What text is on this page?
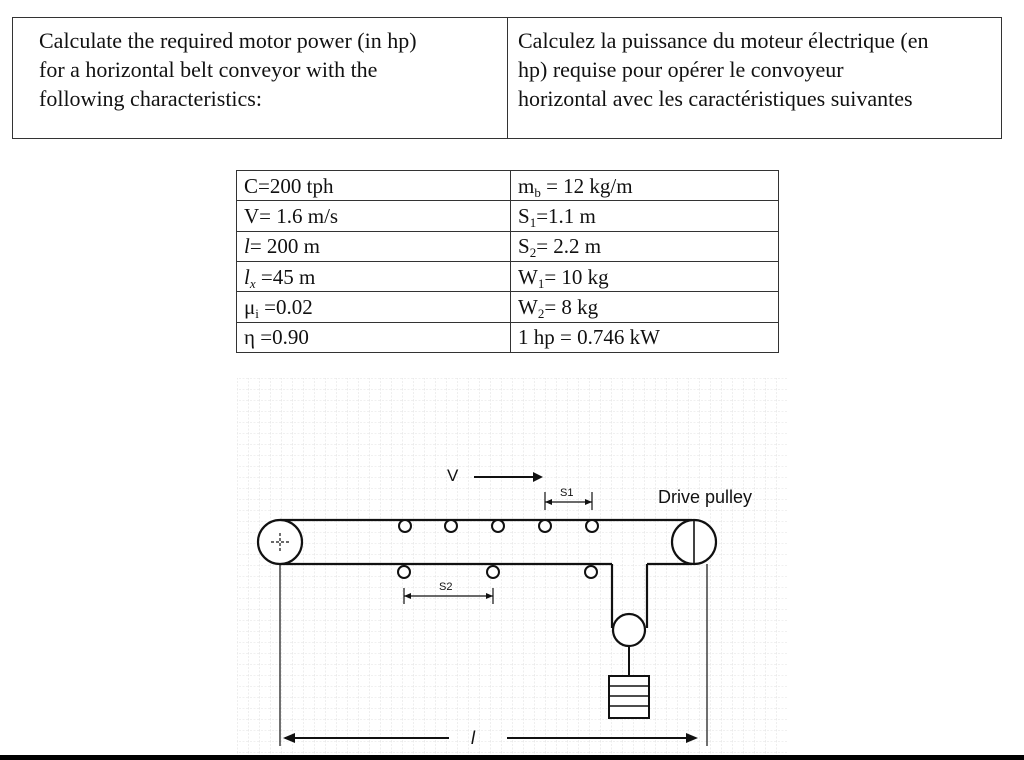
Calculate the required motor power (in hp)
for a horizontal belt conveyor with the
following characteristics:
Calculez la puissance du moteur électrique (en
hp) requise pour opérer le convoyeur
horizontal avec les caractéristiques suivantes
C=200 tph	$m_b = 12$ kg/m
V= 1.6 m/s	$S_1=1.1$ m
l= 200 m	$S_2= 2.2$ m
$l_x =45$ m	$W_1= 10$ kg
$\mu_i =0.02$	$W_2= 8$ kg
η =0.90	1 hp = 0.746 kW
Drive pulley
V
S1
S2
l
